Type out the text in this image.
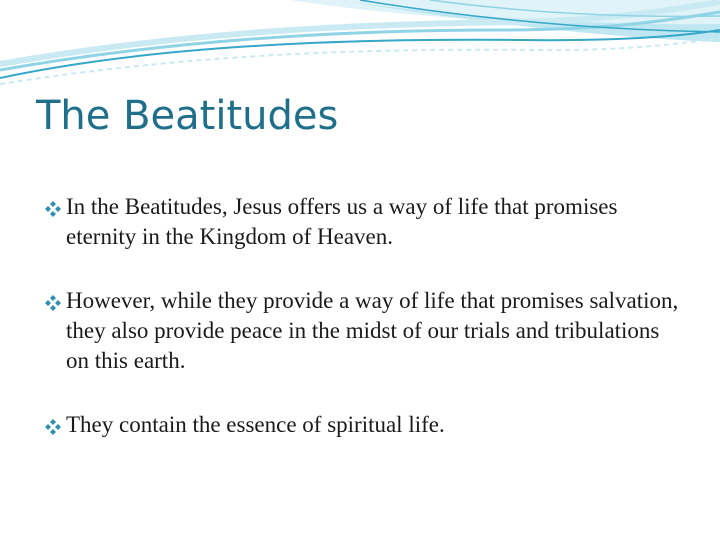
The Beatitudes
In the Beatitudes, Jesus offers us a way of life that promises eternity in the Kingdom of Heaven.
However, while they provide a way of life that promises salvation, they also provide peace in the midst of our trials and tribulations on this earth.
They contain the essence of spiritual life.
